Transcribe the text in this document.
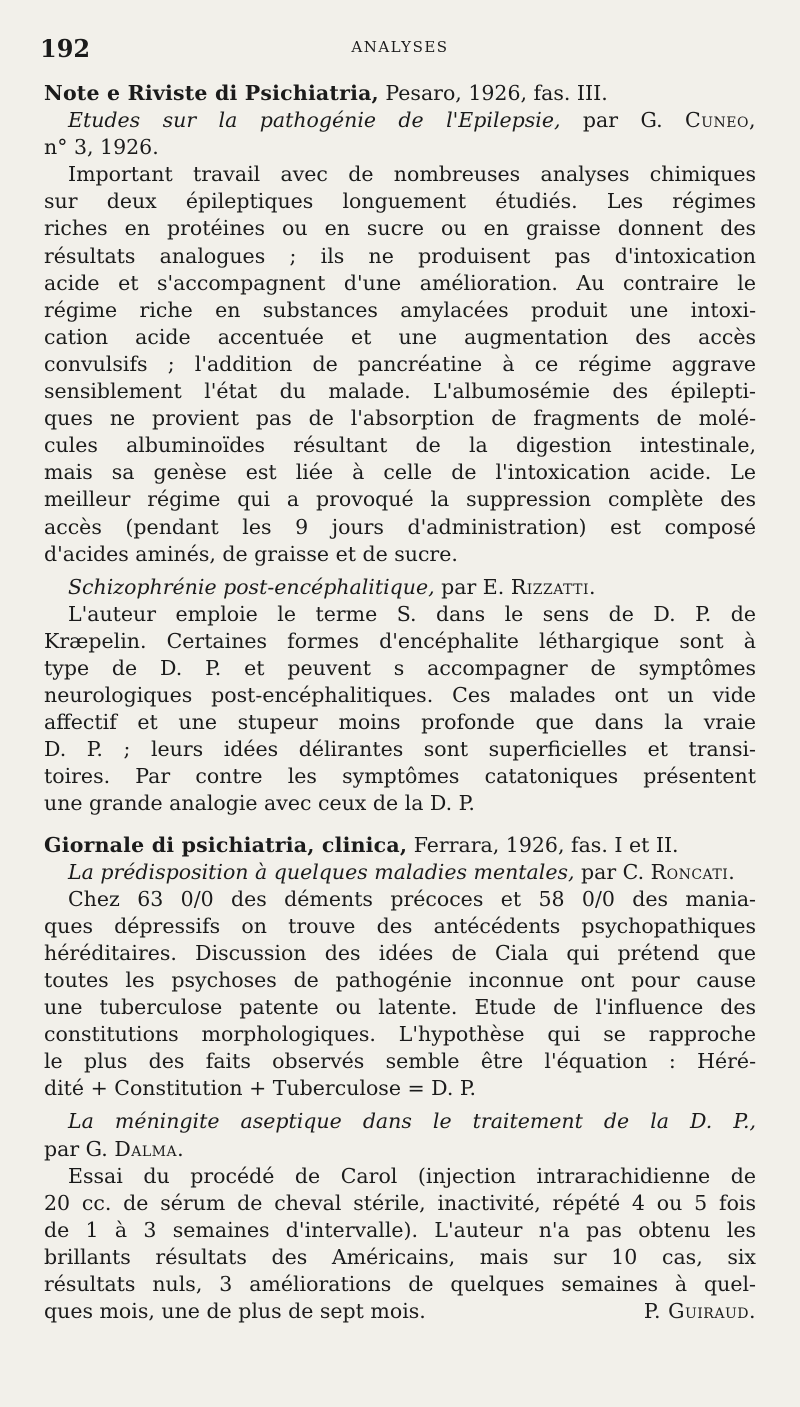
192	ANALYSES
Note e Riviste di Psichiatria, Pesaro, 1926, fas. III.
Etudes sur la pathogénie de l'Epilepsie, par G. Cuneo,
n° 3, 1926.
Important travail avec de nombreuses analyses chimiques
sur deux épileptiques longuement étudiés. Les régimes
riches en protéines ou en sucre ou en graisse donnent des
résultats analogues ; ils ne produisent pas d'intoxication
acide et s'accompagnent d'une amélioration. Au contraire le
régime riche en substances amylacées produit une intoxi-
cation acide accentuée et une augmentation des accès
convulsifs ; l'addition de pancréatine à ce régime aggrave
sensiblement l'état du malade. L'albumosémie des épilepti-
ques ne provient pas de l'absorption de fragments de molé-
cules albuminoïdes résultant de la digestion intestinale,
mais sa genèse est liée à celle de l'intoxication acide. Le
meilleur régime qui a provoqué la suppression complète des
accès (pendant les 9 jours d'administration) est composé
d'acides aminés, de graisse et de sucre.
Schizophrénie post-encéphalitique, par E. Rizzatti.
L'auteur emploie le terme S. dans le sens de D. P. de
Kræpelin. Certaines formes d'encéphalite léthargique sont à
type de D. P. et peuvent s accompagner de symptômes
neurologiques post-encéphalitiques. Ces malades ont un vide
affectif et une stupeur moins profonde que dans la vraie
D. P. ; leurs idées délirantes sont superficielles et transi-
toires. Par contre les symptômes catatoniques présentent
une grande analogie avec ceux de la D. P.
Giornale di psichiatria, clinica, Ferrara, 1926, fas. I et II.
La prédisposition à quelques maladies mentales, par C. Roncati.
Chez 63 0/0 des déments précoces et 58 0/0 des mania-
ques dépressifs on trouve des antécédents psychopathiques
héréditaires. Discussion des idées de Ciala qui prétend que
toutes les psychoses de pathogénie inconnue ont pour cause
une tuberculose patente ou latente. Etude de l'influence des
constitutions morphologiques. L'hypothèse qui se rapproche
le plus des faits observés semble être l'équation : Héré-
dité + Constitution + Tuberculose = D. P.
La méningite aseptique dans le traitement de la D. P.,
par G. Dalma.
Essai du procédé de Carol (injection intrarachidienne de
20 cc. de sérum de cheval stérile, inactivité, répété 4 ou 5 fois
de 1 à 3 semaines d'intervalle). L'auteur n'a pas obtenu les
brillants résultats des Américains, mais sur 10 cas, six
résultats nuls, 3 améliorations de quelques semaines à quel-
ques mois, une de plus de sept mois.	P. Guiraud.
